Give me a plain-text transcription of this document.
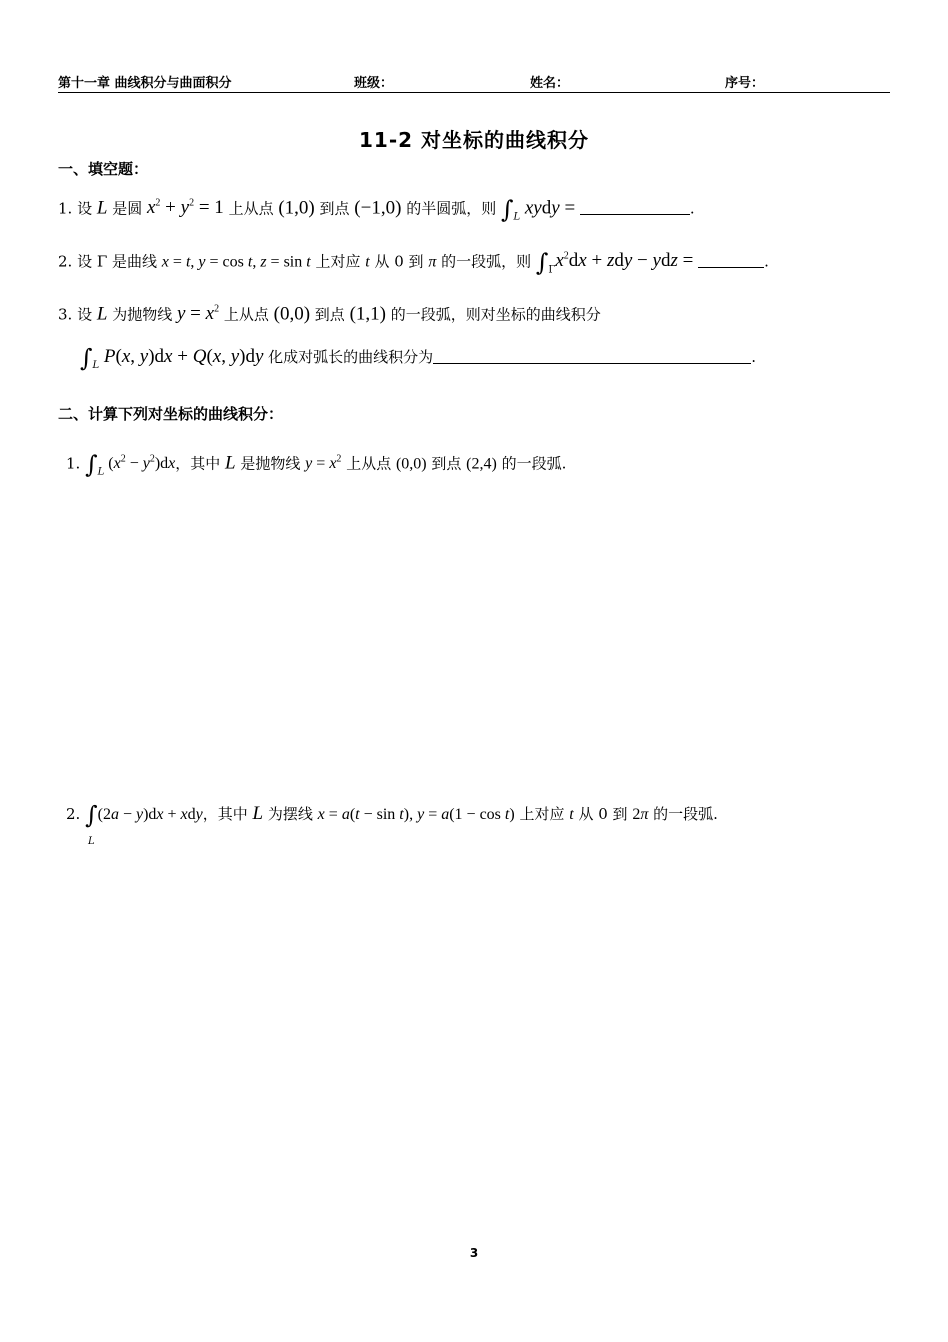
第十一章 曲线积分与曲面积分	班级：	姓名：	序号：
11-2 对坐标的曲线积分
一、填空题：
1. 设 L 是圆 $x^2 + y^2 = 1$ 上从点 (1,0) 到点 (−1,0) 的半圆弧，则 $\int_L$ xydy =	.
2. 设 Γ 是曲线 x = t, y = cos t, z = sin t 上对应 t 从 0 到 π 的一段弧，则 $\int_\Gamma x^2dx$ + zdy − ydz =	.
3. 设 L 为抛物线 $y = x^2$ 上从点 (0,0) 到点 (1,1) 的一段弧，则对坐标的曲线积分
$\int_L$ P(x, y)dx + Q(x, y)dy 化成对弧长的曲线积分为	.
二、计算下列对坐标的曲线积分：
1. $\int_L$ $(x^2 - y^2)dx$，其中 L 是抛物线 $y = x^2$ 上从点 (0,0) 到点 (2,4) 的一段弧.
2. ∫(2a − y)dx + xdy，其中 L 为摆线 x = a(t − sin t), y = a(1 − cos t) 上对应 t 从 0 到 2π 的一段弧.
L
3
